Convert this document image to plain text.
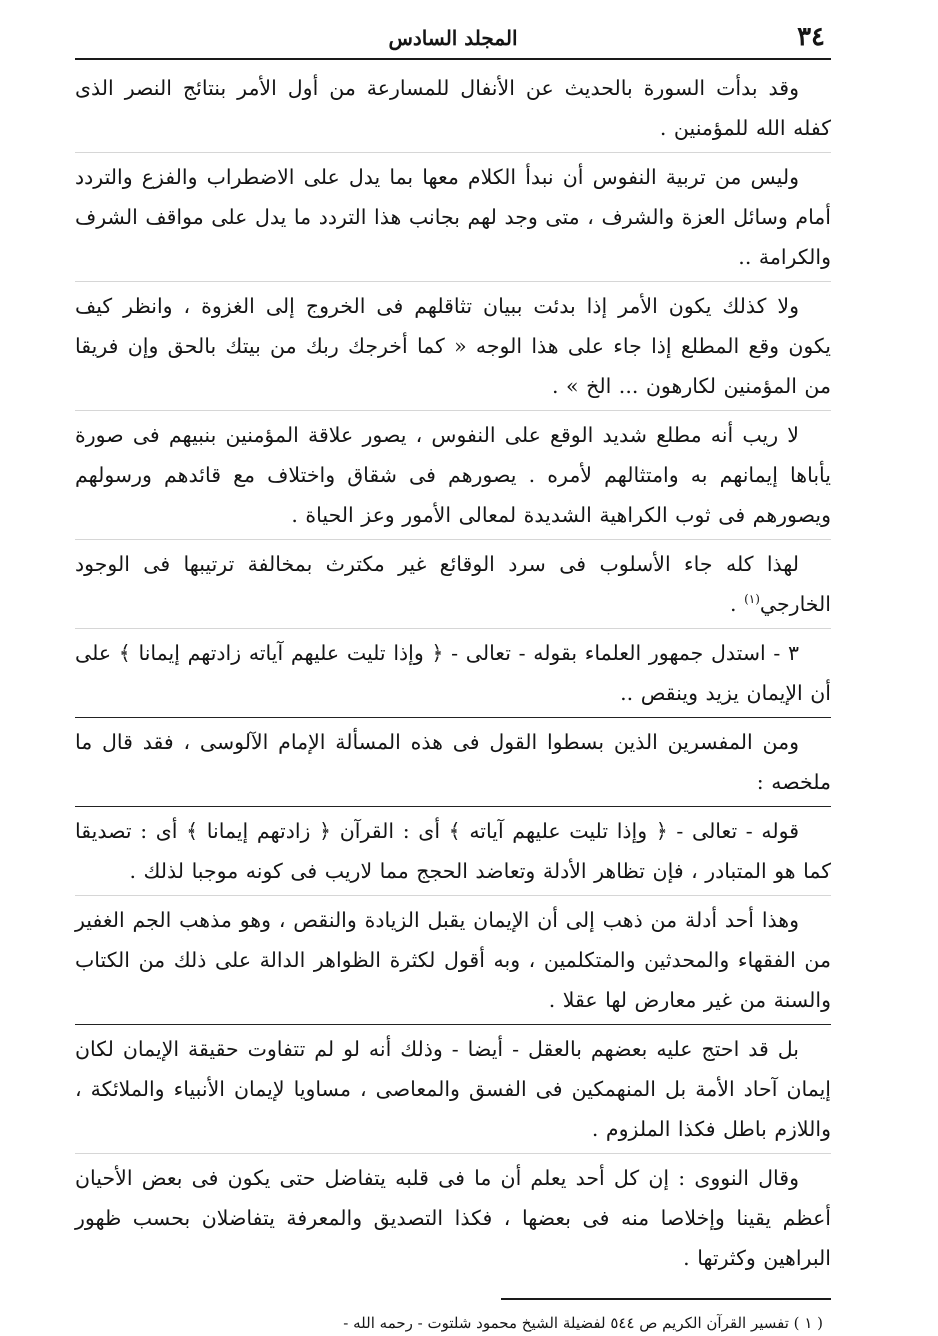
٣٤
المجلد السادس

وقد بدأت السورة بالحديث عن الأنفال للمسارعة من أول الأمر بنتائج النصر الذى كفله الله للمؤمنين .

وليس من تربية النفوس أن نبدأ الكلام معها بما يدل على الاضطراب والفزع والتردد أمام وسائل العزة والشرف ، متى وجد لهم بجانب هذا التردد ما يدل على مواقف الشرف والكرامة ..

ولا كذلك يكون الأمر إذا بدئت ببيان تثاقلهم فى الخروج إلى الغزوة ، وانظر كيف يكون وقع المطلع إذا جاء على هذا الوجه « كما أخرجك ربك من بيتك بالحق وإن فريقا من المؤمنين لكارهون ... الخ » .

لا ريب أنه مطلع شديد الوقع على النفوس ، يصور علاقة المؤمنين بنبيهم فى صورة يأباها إيمانهم به وامتثالهم لأمره . يصورهم فى شقاق واختلاف مع قائدهم ورسولهم ويصورهم فى ثوب الكراهية الشديدة لمعالى الأمور وعز الحياة .

لهذا كله جاء الأسلوب فى سرد الوقائع غير مكترث بمخالفة ترتيبها فى الوجود الخارجي$^{(١)}$ .

٣ - استدل جمهور العلماء بقوله - تعالى - ﴿ وإذا تليت عليهم آياته زادتهم إيمانا ﴾ على أن الإيمان يزيد وينقص ..

ومن المفسرين الذين بسطوا القول فى هذه المسألة الإمام الآلوسى ، فقد قال ما ملخصه :

قوله - تعالى - ﴿ وإذا تليت عليهم آياته ﴾ أى : القرآن ﴿ زادتهم إيمانا ﴾ أى : تصديقا كما هو المتبادر ، فإن تظاهر الأدلة وتعاضد الحجج مما لاريب فى كونه موجبا لذلك .

وهذا أحد أدلة من ذهب إلى أن الإيمان يقبل الزيادة والنقص ، وهو مذهب الجم الغفير من الفقهاء والمحدثين والمتكلمين ، وبه أقول لكثرة الظواهر الدالة على ذلك من الكتاب والسنة من غير معارض لها عقلا .

بل قد احتج عليه بعضهم بالعقل - أيضا - وذلك أنه لو لم تتفاوت حقيقة الإيمان لكان إيمان آحاد الأمة بل المنهمكين فى الفسق والمعاصى ، مساويا لإيمان الأنبياء والملائكة ، واللازم باطل فكذا الملزوم .

وقال النووى : إن كل أحد يعلم أن ما فى قلبه يتفاضل حتى يكون فى بعض الأحيان أعظم يقينا وإخلاصا منه فى بعضها ، فكذا التصديق والمعرفة يتفاضلان بحسب ظهور البراهين وكثرتها .

( ١ ) تفسير القرآن الكريم ص ٥٤٤ لفضيلة الشيخ محمود شلتوت - رحمه الله -
